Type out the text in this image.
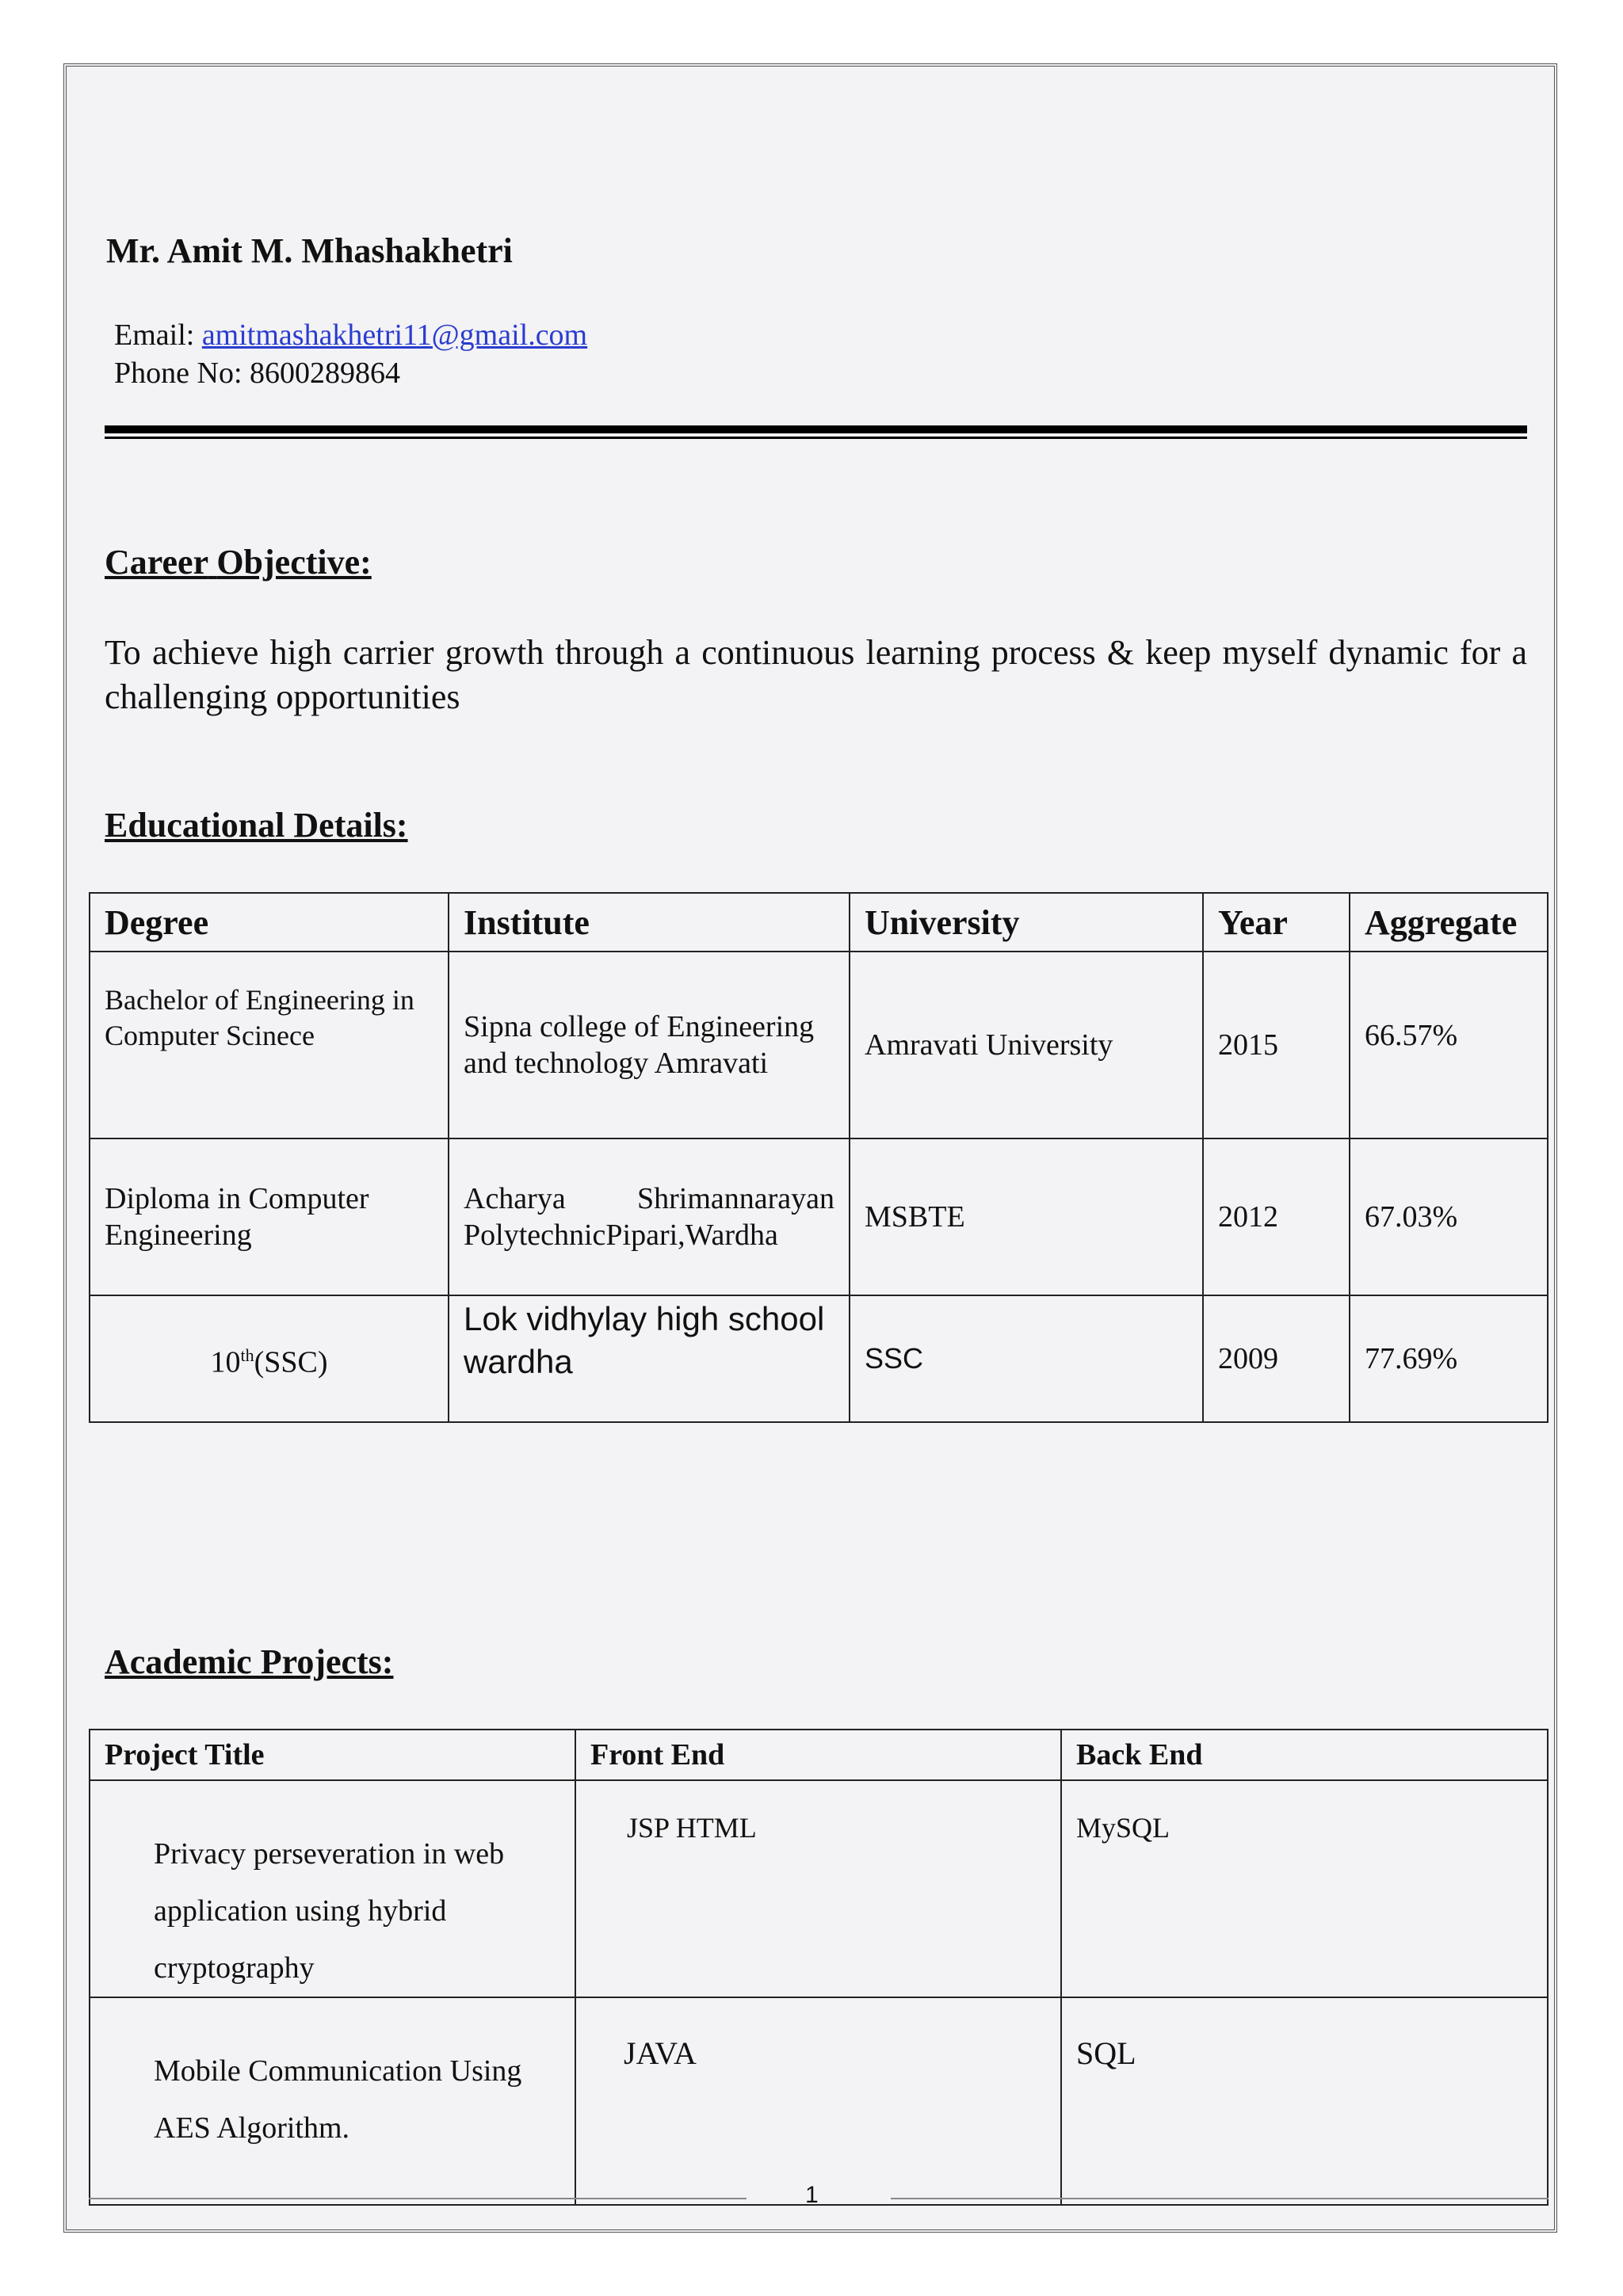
Mr. Amit M. Mhashakhetri
Email: amitmashakhetri11@gmail.com
Phone No: 8600289864
Career Objective:
To achieve high carrier growth through a continuous learning process & keep myself dynamic for a challenging opportunities
Educational Details:
Degree	Institute	University	Year	Aggregate
Bachelor of Engineering in Computer Scinece	Sipna college of Engineering and technology Amravati	Amravati University	2015	66.57%
Diploma in Computer Engineering	Acharya Shrimannarayan PolytechnicPipari,Wardha	MSBTE	2012	67.03%
10th(SSC)	Lok vidhylay high school wardha	SSC	2009	77.69%
Academic Projects:
Project Title	Front End	Back End
Privacy perseveration in web application using hybrid cryptography	JSP HTML	MySQL
Mobile Communication Using AES Algorithm.	JAVA	SQL
1
